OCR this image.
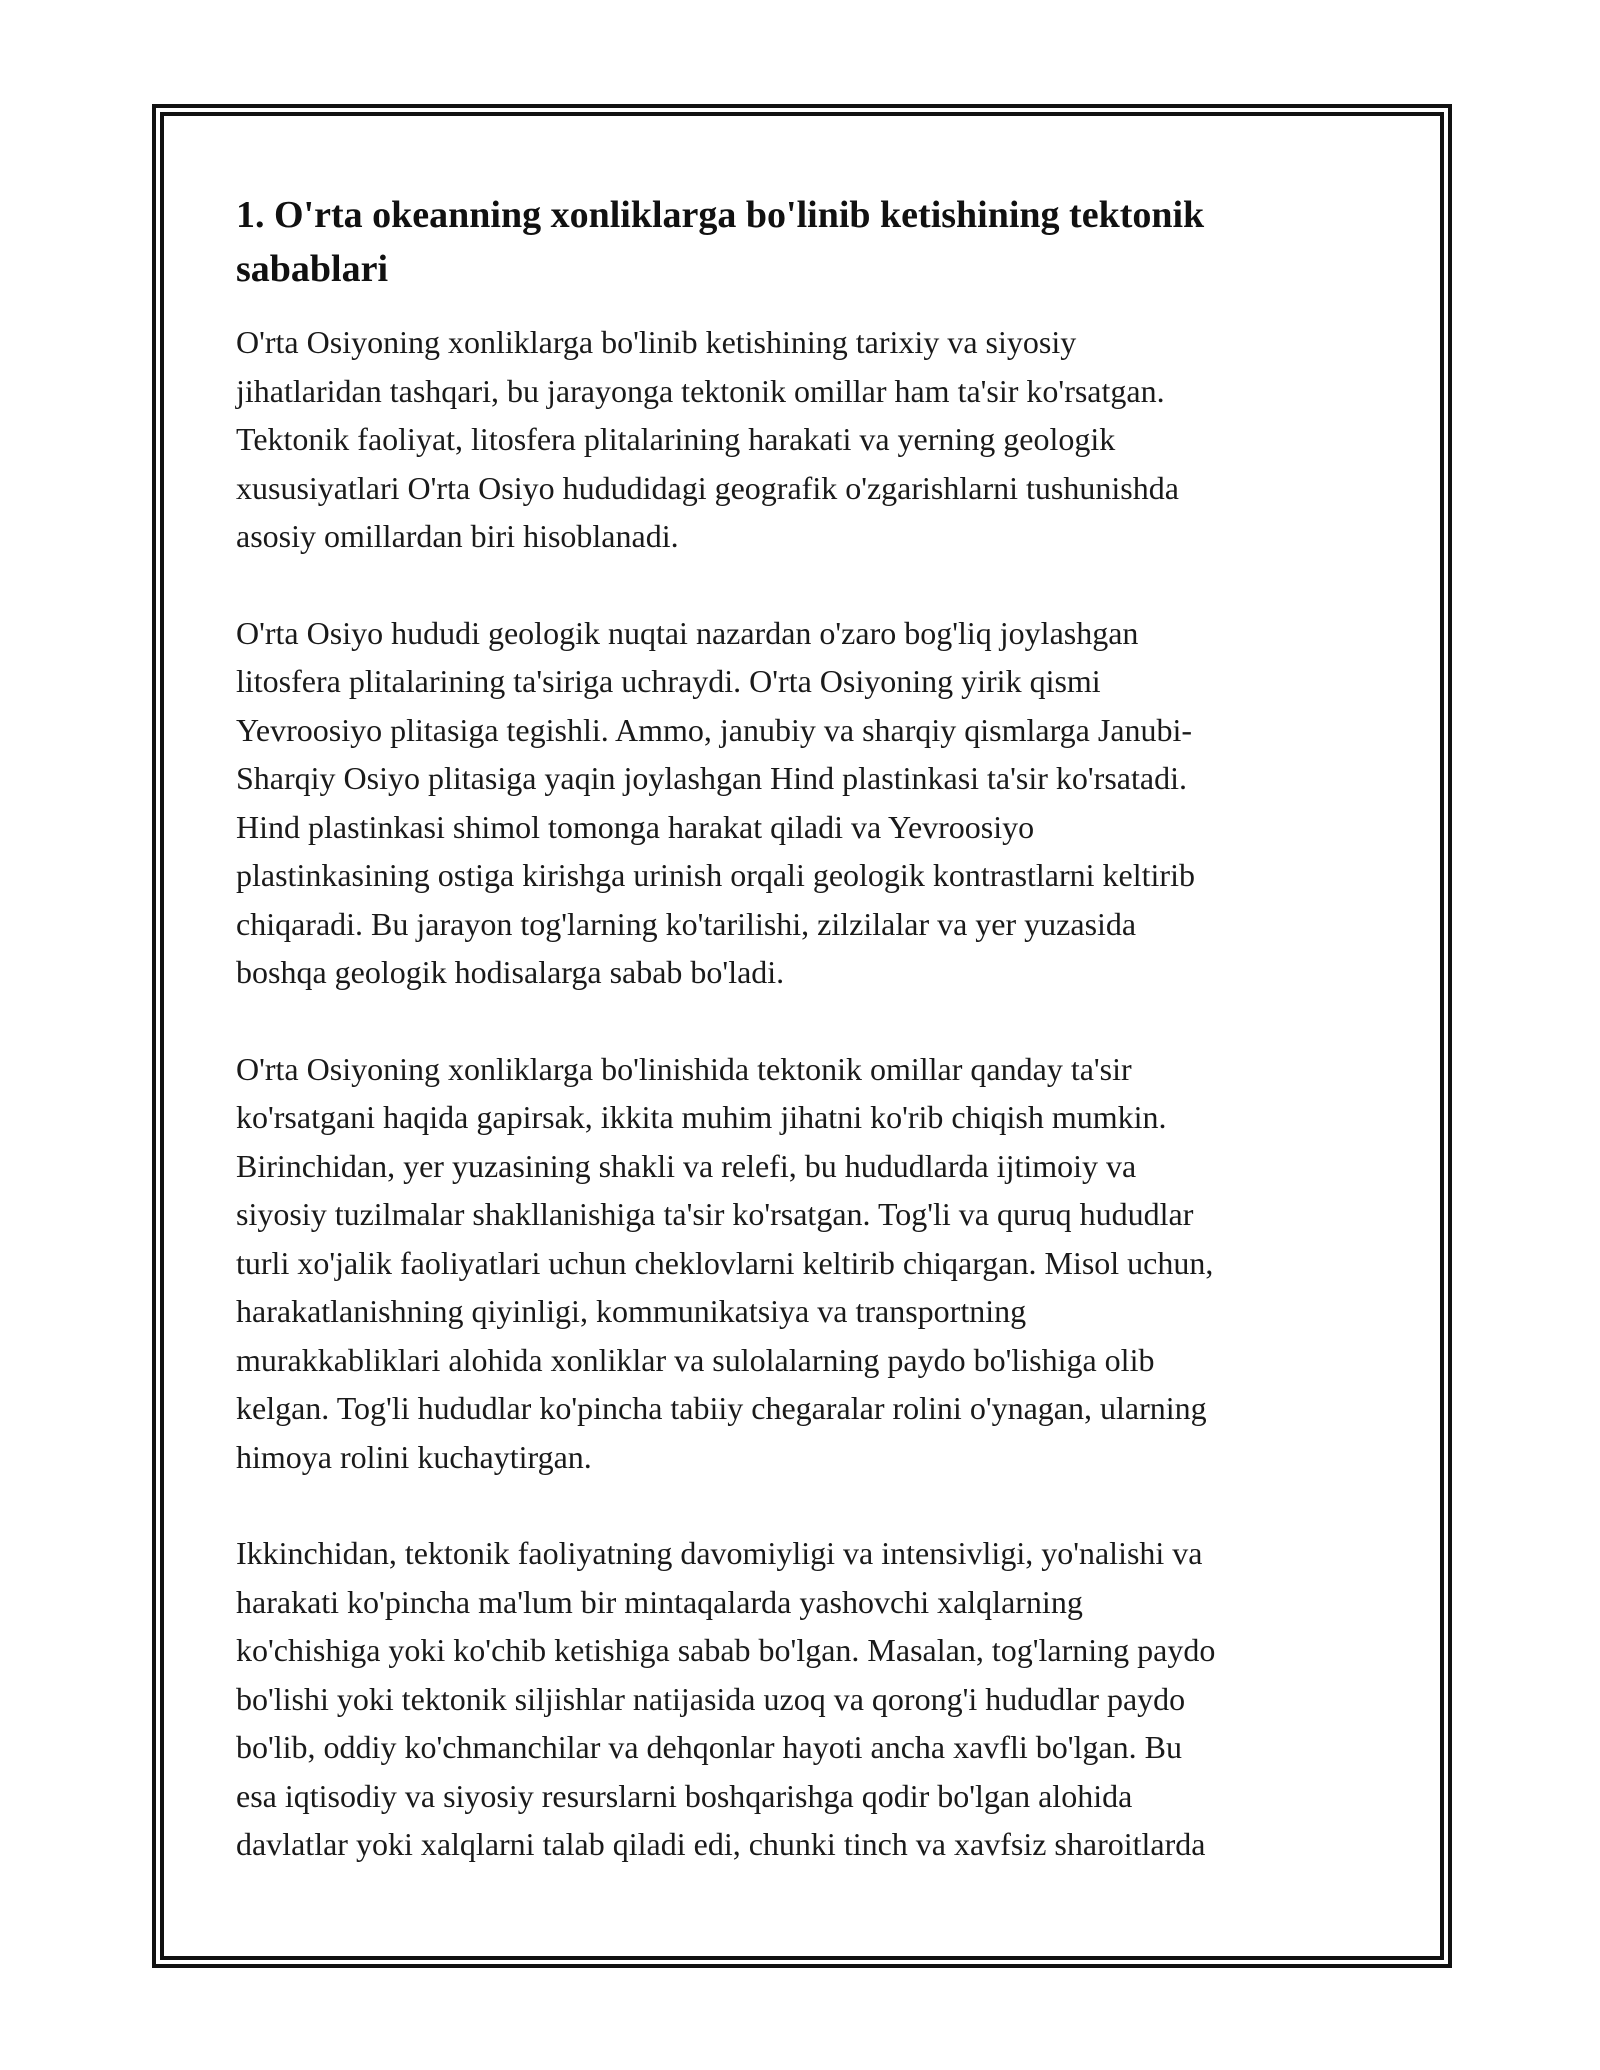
1. O'rta okeanning xonliklarga bo'linib ketishining tektonik
sabablari

O'rta Osiyoning xonliklarga bo'linib ketishining tarixiy va siyosiy
jihatlaridan tashqari, bu jarayonga tektonik omillar ham ta'sir ko'rsatgan.
Tektonik faoliyat, litosfera plitalarining harakati va yerning geologik
xususiyatlari O'rta Osiyo hududidagi geografik o'zgarishlarni tushunishda
asosiy omillardan biri hisoblanadi.

O'rta Osiyo hududi geologik nuqtai nazardan o'zaro bog'liq joylashgan
litosfera plitalarining ta'siriga uchraydi. O'rta Osiyoning yirik qismi
Yevroosiyo plitasiga tegishli. Ammo, janubiy va sharqiy qismlarga Janubi-
Sharqiy Osiyo plitasiga yaqin joylashgan Hind plastinkasi ta'sir ko'rsatadi.
Hind plastinkasi shimol tomonga harakat qiladi va Yevroosiyo
plastinkasining ostiga kirishga urinish orqali geologik kontrastlarni keltirib
chiqaradi. Bu jarayon tog'larning ko'tarilishi, zilzilalar va yer yuzasida
boshqa geologik hodisalarga sabab bo'ladi.

O'rta Osiyoning xonliklarga bo'linishida tektonik omillar qanday ta'sir
ko'rsatgani haqida gapirsak, ikkita muhim jihatni ko'rib chiqish mumkin.
Birinchidan, yer yuzasining shakli va relefi, bu hududlarda ijtimoiy va
siyosiy tuzilmalar shakllanishiga ta'sir ko'rsatgan. Tog'li va quruq hududlar
turli xo'jalik faoliyatlari uchun cheklovlarni keltirib chiqargan. Misol uchun,
harakatlanishning qiyinligi, kommunikatsiya va transportning
murakkabliklari alohida xonliklar va sulolalarning paydo bo'lishiga olib
kelgan. Tog'li hududlar ko'pincha tabiiy chegaralar rolini o'ynagan, ularning
himoya rolini kuchaytirgan.

Ikkinchidan, tektonik faoliyatning davomiyligi va intensivligi, yo'nalishi va
harakati ko'pincha ma'lum bir mintaqalarda yashovchi xalqlarning
ko'chishiga yoki ko'chib ketishiga sabab bo'lgan. Masalan, tog'larning paydo
bo'lishi yoki tektonik siljishlar natijasida uzoq va qorong'i hududlar paydo
bo'lib, oddiy ko'chmanchilar va dehqonlar hayoti ancha xavfli bo'lgan. Bu
esa iqtisodiy va siyosiy resurslarni boshqarishga qodir bo'lgan alohida
davlatlar yoki xalqlarni talab qiladi edi, chunki tinch va xavfsiz sharoitlarda
